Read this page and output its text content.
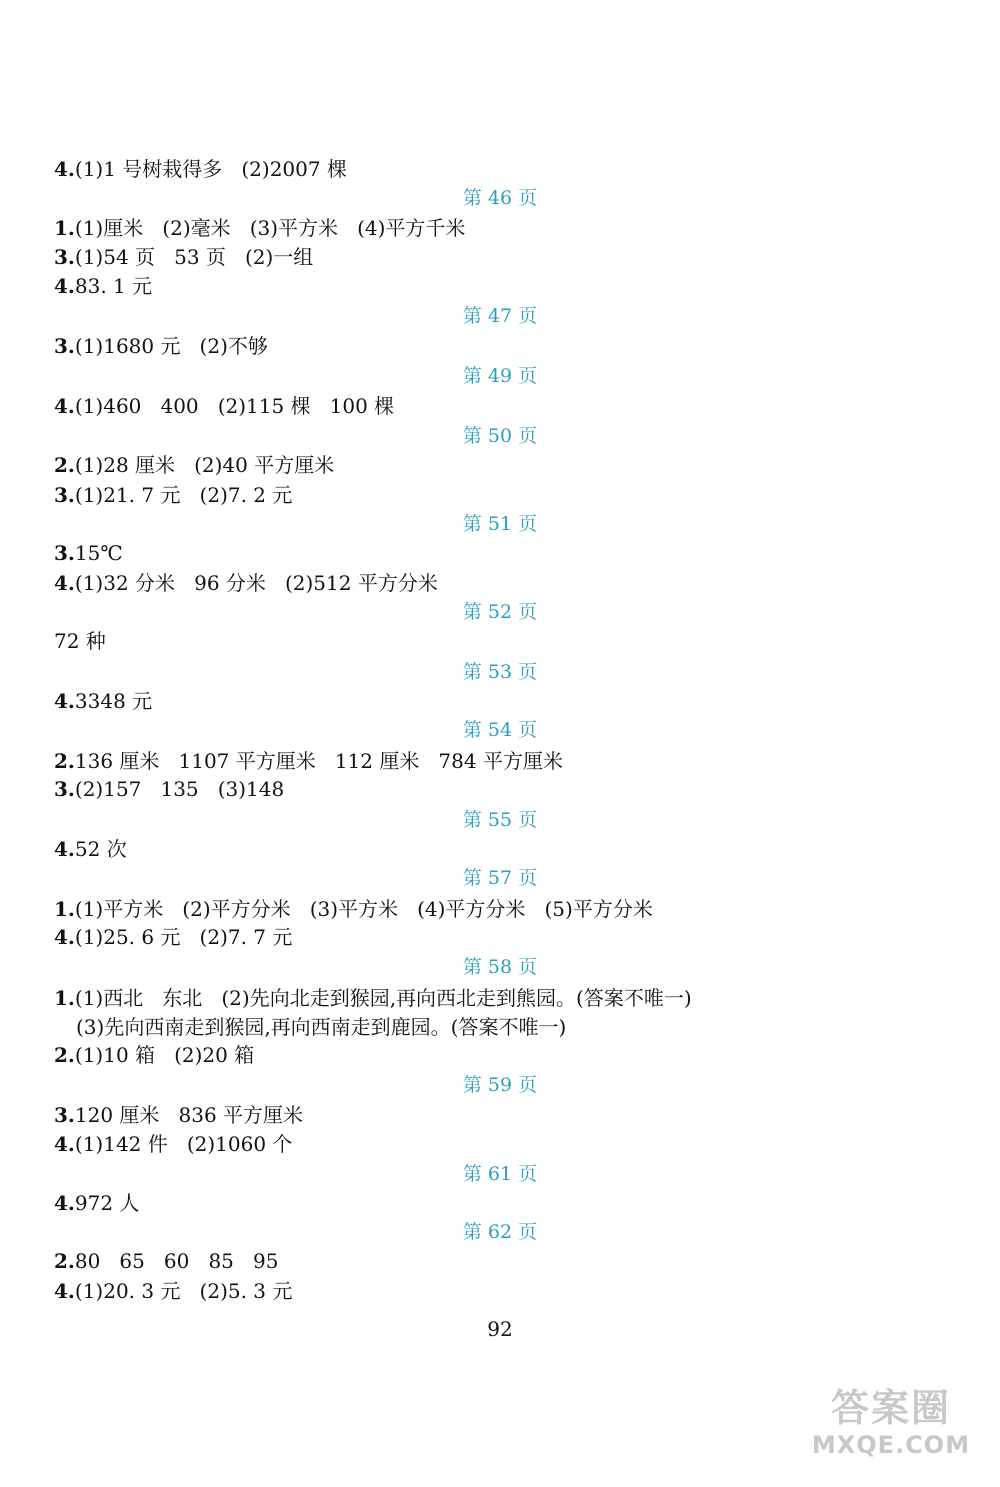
4.(1)1 号树栽得多   (2)2007 棵
第 46 页
1.(1)厘米   (2)毫米   (3)平方米   (4)平方千米
3.(1)54 页   53 页   (2)一组
4.83. 1 元
第 47 页
3.(1)1680 元   (2)不够
第 49 页
4.(1)460   400   (2)115 棵   100 棵
第 50 页
2.(1)28 厘米   (2)40 平方厘米
3.(1)21. 7 元   (2)7. 2 元
第 51 页
3.15℃
4.(1)32 分米   96 分米   (2)512 平方分米
第 52 页
72 种
第 53 页
4.3348 元
第 54 页
2.136 厘米   1107 平方厘米   112 厘米   784 平方厘米
3.(2)157   135   (3)148
第 55 页
4.52 次
第 57 页
1.(1)平方米   (2)平方分米   (3)平方米   (4)平方分米   (5)平方分米
4.(1)25. 6 元   (2)7. 7 元
第 58 页
1.(1)西北   东北   (2)先向北走到猴园,再向西北走到熊园。(答案不唯一)
(3)先向西南走到猴园,再向西南走到鹿园。(答案不唯一)
2.(1)10 箱   (2)20 箱
第 59 页
3.120 厘米   836 平方厘米
4.(1)142 件   (2)1060 个
第 61 页
4.972 人
第 62 页
2.80   65   60   85   95
4.(1)20. 3 元   (2)5. 3 元
92
答案圈
MXQE.COM
